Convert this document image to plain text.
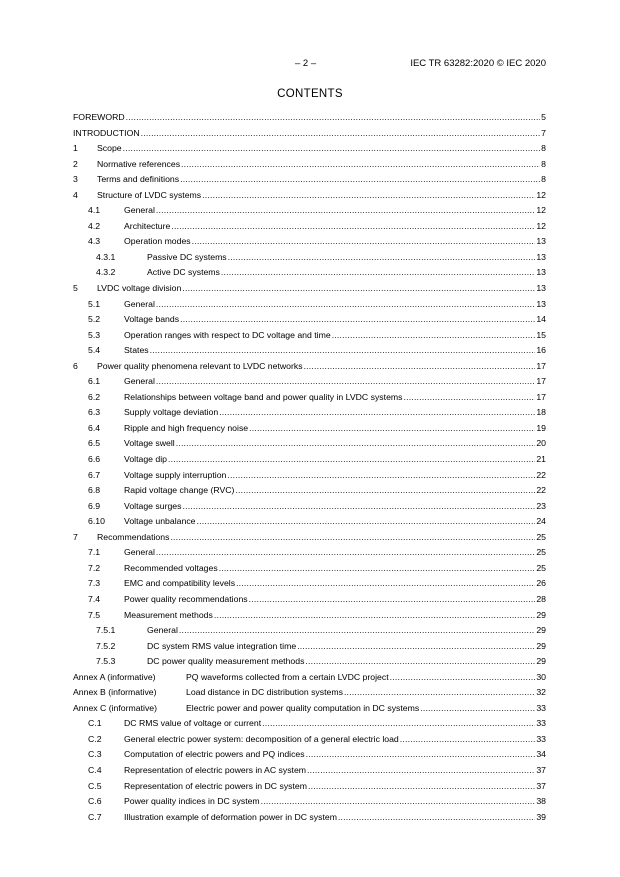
– 2 –	IEC TR 63282:2020 © IEC 2020
CONTENTS
FOREWORD .....	5
INTRODUCTION .....	7
1	Scope .....	8
2	Normative references .....	8
3	Terms and definitions .....	8
4	Structure of LVDC systems .....	12
4.1	General .....	12
4.2	Architecture .....	12
4.3	Operation modes .....	13
4.3.1	Passive DC systems .....	13
4.3.2	Active DC systems .....	13
5	LVDC voltage division .....	13
5.1	General .....	13
5.2	Voltage bands .....	14
5.3	Operation ranges with respect to DC voltage and time .....	15
5.4	States .....	16
6	Power quality phenomena relevant to LVDC networks .....	17
6.1	General .....	17
6.2	Relationships between voltage band and power quality in LVDC systems .....	17
6.3	Supply voltage deviation .....	18
6.4	Ripple and high frequency noise .....	19
6.5	Voltage swell .....	20
6.6	Voltage dip .....	21
6.7	Voltage supply interruption .....	22
6.8	Rapid voltage change (RVC) .....	22
6.9	Voltage surges .....	23
6.10	Voltage unbalance .....	24
7	Recommendations .....	25
7.1	General .....	25
7.2	Recommended voltages .....	25
7.3	EMC and compatibility levels .....	26
7.4	Power quality recommendations .....	28
7.5	Measurement methods .....	29
7.5.1	General .....	29
7.5.2	DC system RMS value integration time .....	29
7.5.3	DC power quality measurement methods .....	29
Annex A (informative)	PQ waveforms collected from a certain LVDC project .....	30
Annex B (informative)	Load distance in DC distribution systems .....	32
Annex C (informative)	Electric power and power quality computation in DC systems .....	33
C.1	DC RMS value of voltage or current .....	33
C.2	General electric power system: decomposition of a general electric load .....	33
C.3	Computation of electric powers and PQ indices .....	34
C.4	Representation of electric powers in AC system .....	37
C.5	Representation of electric powers in DC system .....	37
C.6	Power quality indices in DC system .....	38
C.7	Illustration example of deformation power in DC system .....	39
